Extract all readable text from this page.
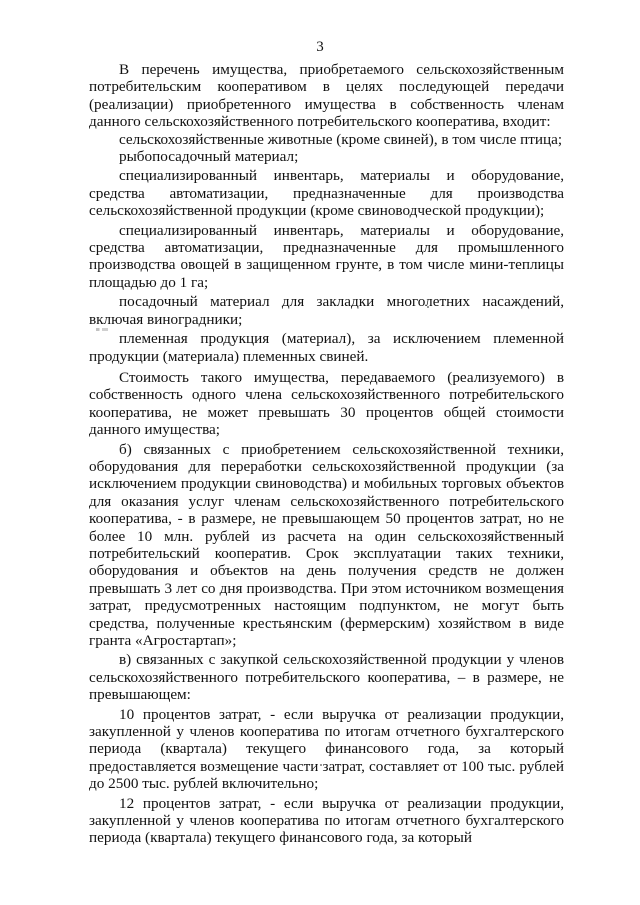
3

В перечень имущества, приобретаемого сельскохозяйственным потребительским кооперативом в целях последующей передачи (реализации) приобретенного имущества в собственность членам данного сельскохозяйственного потребительского кооператива, входит:

сельскохозяйственные животные (кроме свиней), в том числе птица;

рыбопосадочный материал;

специализированный инвентарь, материалы и оборудование, средства автоматизации, предназначенные для производства сельскохозяйственной продукции (кроме свиноводческой продукции);

специализированный инвентарь, материалы и оборудование, средства автоматизации, предназначенные для промышленного производства овощей в защищенном грунте, в том числе мини-теплицы площадью до 1 га;

посадочный материал для закладки многолетних насаждений, включая виноградники;

племенная продукция (материал), за исключением племенной продукции (материала) племенных свиней.

Стоимость такого имущества, передаваемого (реализуемого) в собственность одного члена сельскохозяйственного потребительского кооператива, не может превышать 30 процентов общей стоимости данного имущества;

б) связанных с приобретением сельскохозяйственной техники, оборудования для переработки сельскохозяйственной продукции (за исключением продукции свиноводства) и мобильных торговых объектов для оказания услуг членам сельскохозяйственного потребительского кооператива, - в размере, не превышающем 50 процентов затрат, но не более 10 млн. рублей из расчета на один сельскохозяйственный потребительский кооператив. Срок эксплуатации таких техники, оборудования и объектов на день получения средств не должен превышать 3 лет со дня производства. При этом источником возмещения затрат, предусмотренных настоящим подпунктом, не могут быть средства, полученные крестьянским (фермерским) хозяйством в виде гранта «Агростартап»;

в) связанных с закупкой сельскохозяйственной продукции у членов сельскохозяйственного потребительского кооператива, – в размере, не превышающем:

10 процентов затрат, - если выручка от реализации продукции, закупленной у членов кооператива по итогам отчетного бухгалтерского периода (квартала) текущего финансового года, за который предоставляется возмещение части затрат, составляет от 100 тыс. рублей до 2500 тыс. рублей включительно;

12 процентов затрат, - если выручка от реализации продукции, закупленной у членов кооператива по итогам отчетного бухгалтерского периода (квартала) текущего финансового года, за который
